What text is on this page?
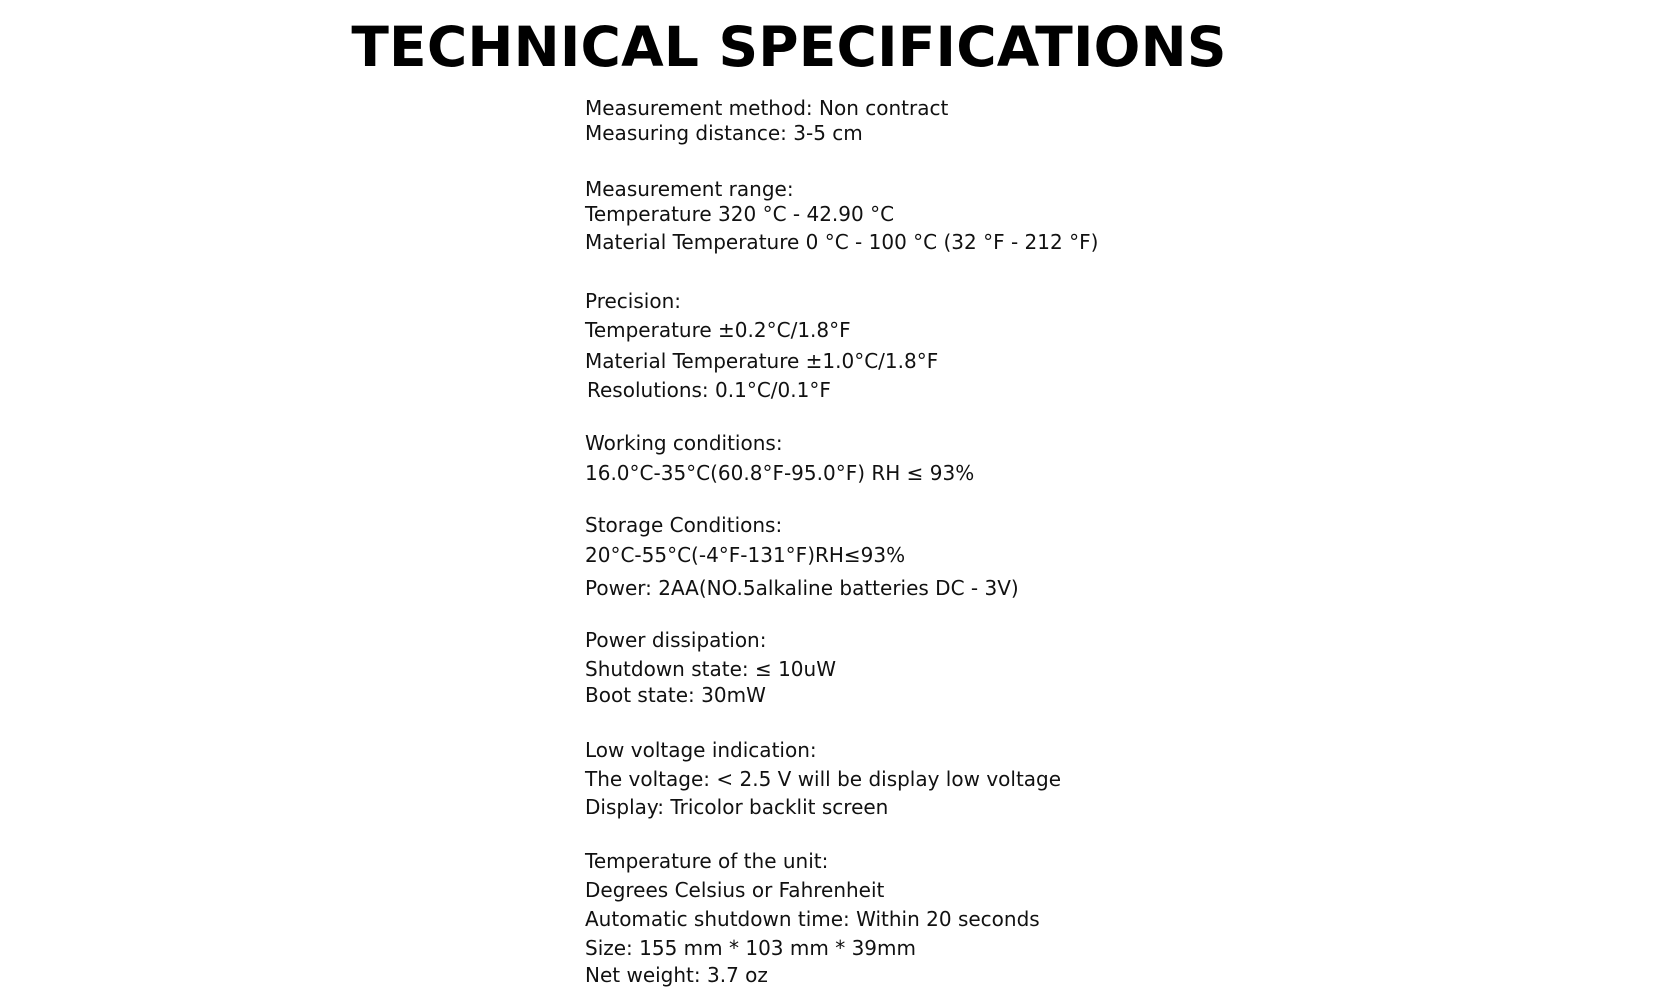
TECHNICAL SPECIFICATIONS

Measurement method: Non contract

Measuring distance: 3-5 cm

Measurement range:

Temperature 320 °C - 42.90 °C

Material Temperature 0 °C - 100 °C (32 °F - 212 °F)

Precision:

Temperature ±0.2°C/1.8°F

Material Temperature ±1.0°C/1.8°F

Resolutions: 0.1°C/0.1°F

Working conditions:

16.0°C-35°C(60.8°F-95.0°F) RH ≤ 93%

Storage Conditions:

20°C-55°C(-4°F-131°F)RH≤93%

Power: 2AA(NO.5alkaline batteries DC - 3V)

Power dissipation:

Shutdown state: ≤ 10uW

Boot state: 30mW

Low voltage indication:

The voltage: < 2.5 V will be display low voltage

Display: Tricolor backlit screen

Temperature of the unit:

Degrees Celsius or Fahrenheit

Automatic shutdown time: Within 20 seconds

Size: 155 mm * 103 mm * 39mm

Net weight: 3.7 oz
